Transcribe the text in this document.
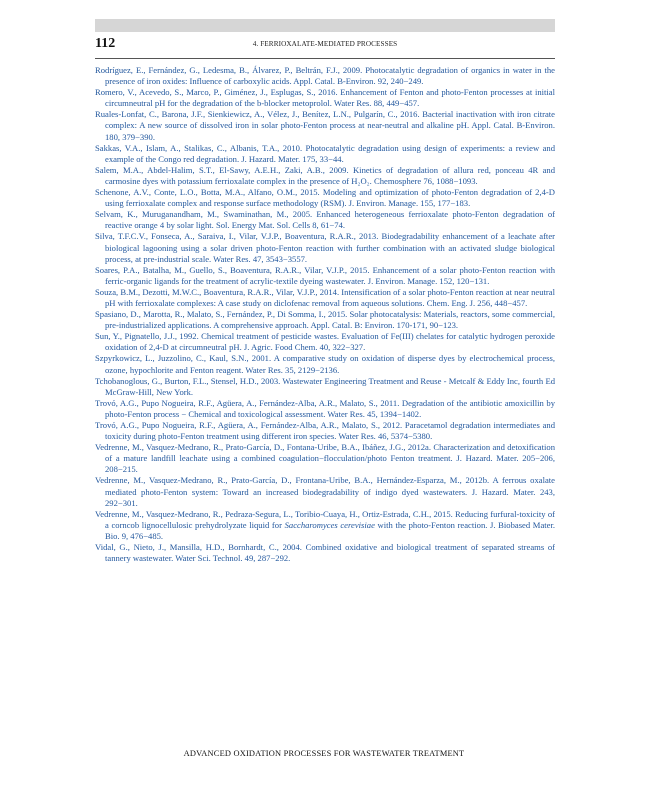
112	4. FERRIOXALATE-MEDIATED PROCESSES
Rodríguez, E., Fernández, G., Ledesma, B., Álvarez, P., Beltrán, F.J., 2009. Photocatalytic degradation of organics in water in the presence of iron oxides: Influence of carboxylic acids. Appl. Catal. B-Environ. 92, 240−249.
Romero, V., Acevedo, S., Marco, P., Giménez, J., Esplugas, S., 2016. Enhancement of Fenton and photo-Fenton processes at initial circumneutral pH for the degradation of the b-blocker metoprolol. Water Res. 88, 449−457.
Ruales-Lonfat, C., Barona, J.F., Sienkiewicz, A., Vélez, J., Benítez, L.N., Pulgarín, C., 2016. Bacterial inactivation with iron citrate complex: A new source of dissolved iron in solar photo-Fenton process at near-neutral and alkaline pH. Appl. Catal. B-Environ. 180, 379−390.
Sakkas, V.A., Islam, A., Stalikas, C., Albanis, T.A., 2010. Photocatalytic degradation using design of experiments: a review and example of the Congo red degradation. J. Hazard. Mater. 175, 33−44.
Salem, M.A., Abdel-Halim, S.T., El-Sawy, A.E.H., Zaki, A.B., 2009. Kinetics of degradation of allura red, ponceau 4R and carmosine dyes with potassium ferrioxalate complex in the presence of H₂O₂. Chemosphere 76, 1088−1093.
Schenone, A.V., Conte, L.O., Botta, M.A., Alfano, O.M., 2015. Modeling and optimization of photo-Fenton degradation of 2,4-D using ferrioxalate complex and response surface methodology (RSM). J. Environ. Manage. 155, 177−183.
Selvam, K., Muruganandham, M., Swaminathan, M., 2005. Enhanced heterogeneous ferrioxalate photo-Fenton degradation of reactive orange 4 by solar light. Sol. Energy Mat. Sol. Cells 8, 61−74.
Silva, T.F.C.V., Fonseca, A., Saraiva, I., Vilar, V.J.P., Boaventura, R.A.R., 2013. Biodegradability enhancement of a leachate after biological lagooning using a solar driven photo-Fenton reaction with further combination with an activated sludge biological process, at pre-industrial scale. Water Res. 47, 3543−3557.
Soares, P.A., Batalha, M., Guello, S., Boaventura, R.A.R., Vilar, V.J.P., 2015. Enhancement of a solar photo-Fenton reaction with ferric-organic ligands for the treatment of acrylic-textile dyeing wastewater. J. Environ. Manage. 152, 120−131.
Souza, B.M., Dezotti, M.W.C., Boaventura, R.A.R., Vilar, V.J.P., 2014. Intensification of a solar photo-Fenton reaction at near neutral pH with ferrioxalate complexes: A case study on diclofenac removal from aqueous solutions. Chem. Eng. J. 256, 448−457.
Spasiano, D., Marotta, R., Malato, S., Fernández, P., Di Somma, I., 2015. Solar photocatalysis: Materials, reactors, some commercial, pre-industrialized applications. A comprehensive approach. Appl. Catal. B: Environ. 170-171, 90−123.
Sun, Y., Pignatello, J.J., 1992. Chemical treatment of pesticide wastes. Evaluation of Fe(III) chelates for catalytic hydrogen peroxide oxidation of 2,4-D at circumneutral pH. J. Agric. Food Chem. 40, 322−327.
Szpyrkowicz, L., Juzzolino, C., Kaul, S.N., 2001. A comparative study on oxidation of disperse dyes by electrochemical process, ozone, hypochlorite and Fenton reagent. Water Res. 35, 2129−2136.
Tchobanoglous, G., Burton, F.L., Stensel, H.D., 2003. Wastewater Engineering Treatment and Reuse - Metcalf & Eddy Inc, fourth Ed McGraw-Hill, New York.
Trovó, A.G., Pupo Nogueira, R.F., Agüera, A., Fernández-Alba, A.R., Malato, S., 2011. Degradation of the antibiotic amoxicillin by photo-Fenton process − Chemical and toxicological assessment. Water Res. 45, 1394−1402.
Trovó, A.G., Pupo Nogueira, R.F., Agüera, A., Fernández-Alba, A.R., Malato, S., 2012. Paracetamol degradation intermediates and toxicity during photo-Fenton treatment using different iron species. Water Res. 46, 5374−5380.
Vedrenne, M., Vasquez-Medrano, R., Prato-García, D., Fontana-Uribe, B.A., Ibáñez, J.G., 2012a. Characterization and detoxification of a mature landfill leachate using a combined coagulation−flocculation/photo Fenton treatment. J. Hazard. Mater. 205−206, 208−215.
Vedrenne, M., Vasquez-Medrano, R., Prato-García, D., Frontana-Uribe, B.A., Hernández-Esparza, M., 2012b. A ferrous oxalate mediated photo-Fenton system: Toward an increased biodegradability of indigo dyed wastewaters. J. Hazard. Mater. 243, 292−301.
Vedrenne, M., Vasquez-Medrano, R., Pedraza-Segura, L., Toribio-Cuaya, H., Ortiz-Estrada, C.H., 2015. Reducing furfural-toxicity of a corncob lignocellulosic prehydrolyzate liquid for Saccharomyces cerevisiae with the photo-Fenton reaction. J. Biobased Mater. Bio. 9, 476−485.
Vidal, G., Nieto, J., Mansilla, H.D., Bornhardt, C., 2004. Combined oxidative and biological treatment of separated streams of tannery wastewater. Water Sci. Technol. 49, 287−292.
ADVANCED OXIDATION PROCESSES FOR WASTEWATER TREATMENT
